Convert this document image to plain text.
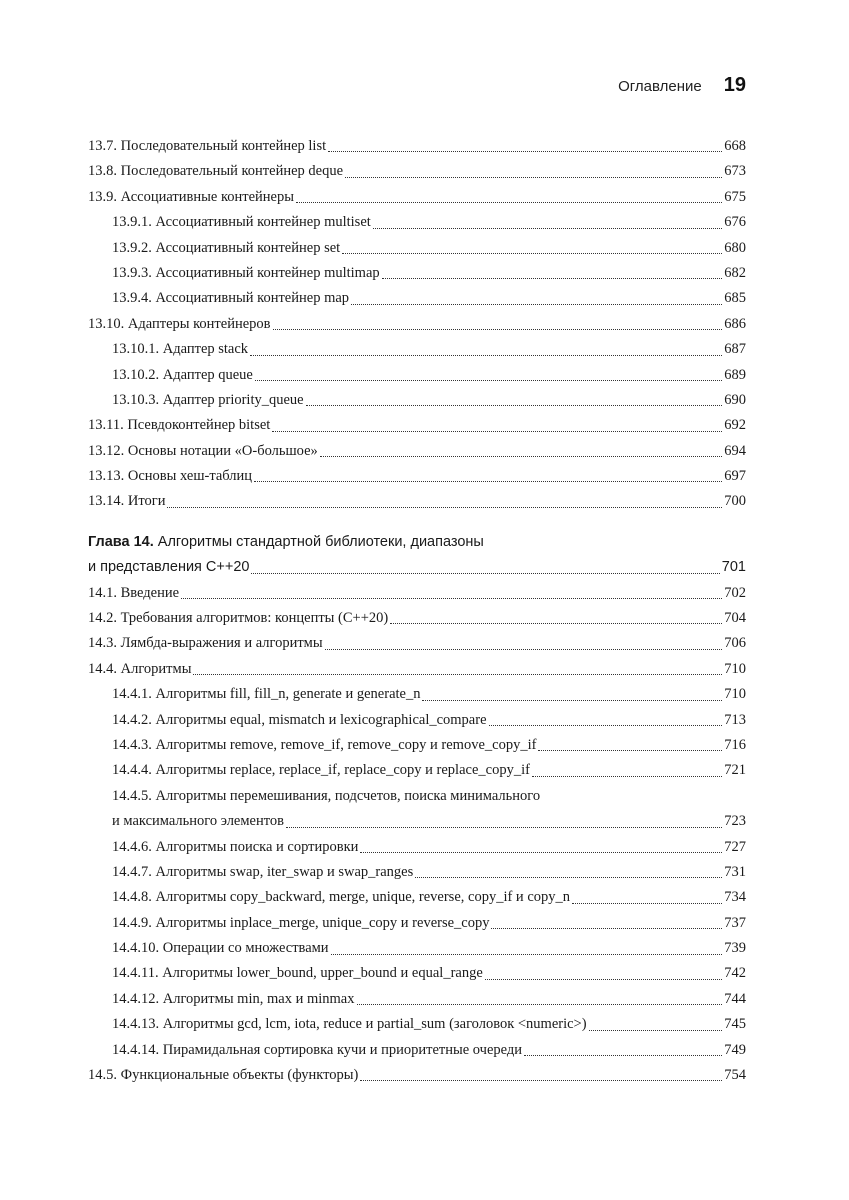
Оглавление 19
13.7. Последовательный контейнер list	668
13.8. Последовательный контейнер deque	673
13.9. Ассоциативные контейнеры	675
13.9.1. Ассоциативный контейнер multiset	676
13.9.2. Ассоциативный контейнер set	680
13.9.3. Ассоциативный контейнер multimap	682
13.9.4. Ассоциативный контейнер map	685
13.10. Адаптеры контейнеров	686
13.10.1. Адаптер stack	687
13.10.2. Адаптер queue	689
13.10.3. Адаптер priority_queue	690
13.11. Псевдоконтейнер bitset	692
13.12. Основы нотации «O-большое»	694
13.13. Основы хеш-таблиц	697
13.14. Итоги	700
Глава 14. Алгоритмы стандартной библиотеки, диапазоны
и представления C++20	701
14.1. Введение	702
14.2. Требования алгоритмов: концепты (C++20)	704
14.3. Лямбда-выражения и алгоритмы	706
14.4. Алгоритмы	710
14.4.1. Алгоритмы fill, fill_n, generate и generate_n	710
14.4.2. Алгоритмы equal, mismatch и lexicographical_compare	713
14.4.3. Алгоритмы remove, remove_if, remove_copy и remove_copy_if	716
14.4.4. Алгоритмы replace, replace_if, replace_copy и replace_copy_if	721
14.4.5. Алгоритмы перемешивания, подсчетов, поиска минимального
и максимального элементов	723
14.4.6. Алгоритмы поиска и сортировки	727
14.4.7. Алгоритмы swap, iter_swap и swap_ranges	731
14.4.8. Алгоритмы copy_backward, merge, unique, reverse, copy_if и copy_n	734
14.4.9. Алгоритмы inplace_merge, unique_copy и reverse_copy	737
14.4.10. Операции со множествами	739
14.4.11. Алгоритмы lower_bound, upper_bound и equal_range	742
14.4.12. Алгоритмы min, max и minmax	744
14.4.13. Алгоритмы gcd, lcm, iota, reduce и partial_sum (заголовок <numeric>)	745
14.4.14. Пирамидальная сортировка кучи и приоритетные очереди	749
14.5. Функциональные объекты (функторы)	754
